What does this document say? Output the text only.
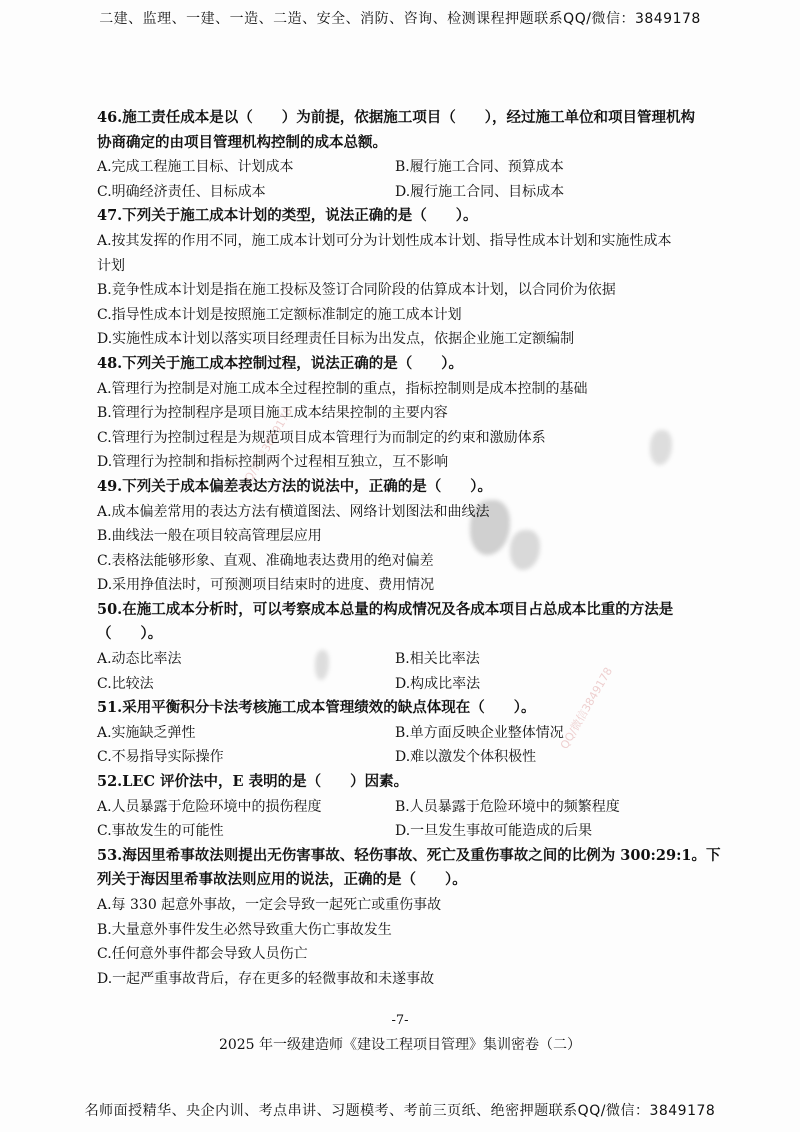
二建、监理、一建、一造、二造、安全、消防、咨询、检测课程押题联系QQ/微信：3849178
QQ/微信3849178
QQ/微信3849178
46.施工责任成本是以（　　）为前提，依据施工项目（　　），经过施工单位和项目管理机构
协商确定的由项目管理机构控制的成本总额。
A.完成工程施工目标、计划成本	B.履行施工合同、预算成本
C.明确经济责任、目标成本	D.履行施工合同、目标成本
47.下列关于施工成本计划的类型，说法正确的是（　　）。
A.按其发挥的作用不同，施工成本计划可分为计划性成本计划、指导性成本计划和实施性成本
计划
B.竞争性成本计划是指在施工投标及签订合同阶段的估算成本计划，以合同价为依据
C.指导性成本计划是按照施工定额标准制定的施工成本计划
D.实施性成本计划以落实项目经理责任目标为出发点，依据企业施工定额编制
48.下列关于施工成本控制过程，说法正确的是（　　）。
A.管理行为控制是对施工成本全过程控制的重点，指标控制则是成本控制的基础
B.管理行为控制程序是项目施工成本结果控制的主要内容
C.管理行为控制过程是为规范项目成本管理行为而制定的约束和激励体系
D.管理行为控制和指标控制两个过程相互独立，互不影响
49.下列关于成本偏差表达方法的说法中，正确的是（　　）。
A.成本偏差常用的表达方法有横道图法、网络计划图法和曲线法
B.曲线法一般在项目较高管理层应用
C.表格法能够形象、直观、准确地表达费用的绝对偏差
D.采用挣值法时，可预测项目结束时的进度、费用情况
50.在施工成本分析时，可以考察成本总量的构成情况及各成本项目占总成本比重的方法是
（　　）。
A.动态比率法	B.相关比率法
C.比较法	D.构成比率法
51.采用平衡积分卡法考核施工成本管理绩效的缺点体现在（　　）。
A.实施缺乏弹性	B.单方面反映企业整体情况
C.不易指导实际操作	D.难以激发个体积极性
52.LEC 评价法中，E 表明的是（　　）因素。
A.人员暴露于危险环境中的损伤程度	B.人员暴露于危险环境中的频繁程度
C.事故发生的可能性	D.一旦发生事故可能造成的后果
53.海因里希事故法则提出无伤害事故、轻伤事故、死亡及重伤事故之间的比例为 300:29:1。下
列关于海因里希事故法则应用的说法，正确的是（　　）。
A.每 330 起意外事故，一定会导致一起死亡或重伤事故
B.大量意外事件发生必然导致重大伤亡事故发生
C.任何意外事件都会导致人员伤亡
D.一起严重事故背后，存在更多的轻微事故和未遂事故
-7-
2025 年一级建造师《建设工程项目管理》集训密卷（二）
名师面授精华、央企内训、考点串讲、习题模考、考前三页纸、绝密押题联系QQ/微信：3849178
